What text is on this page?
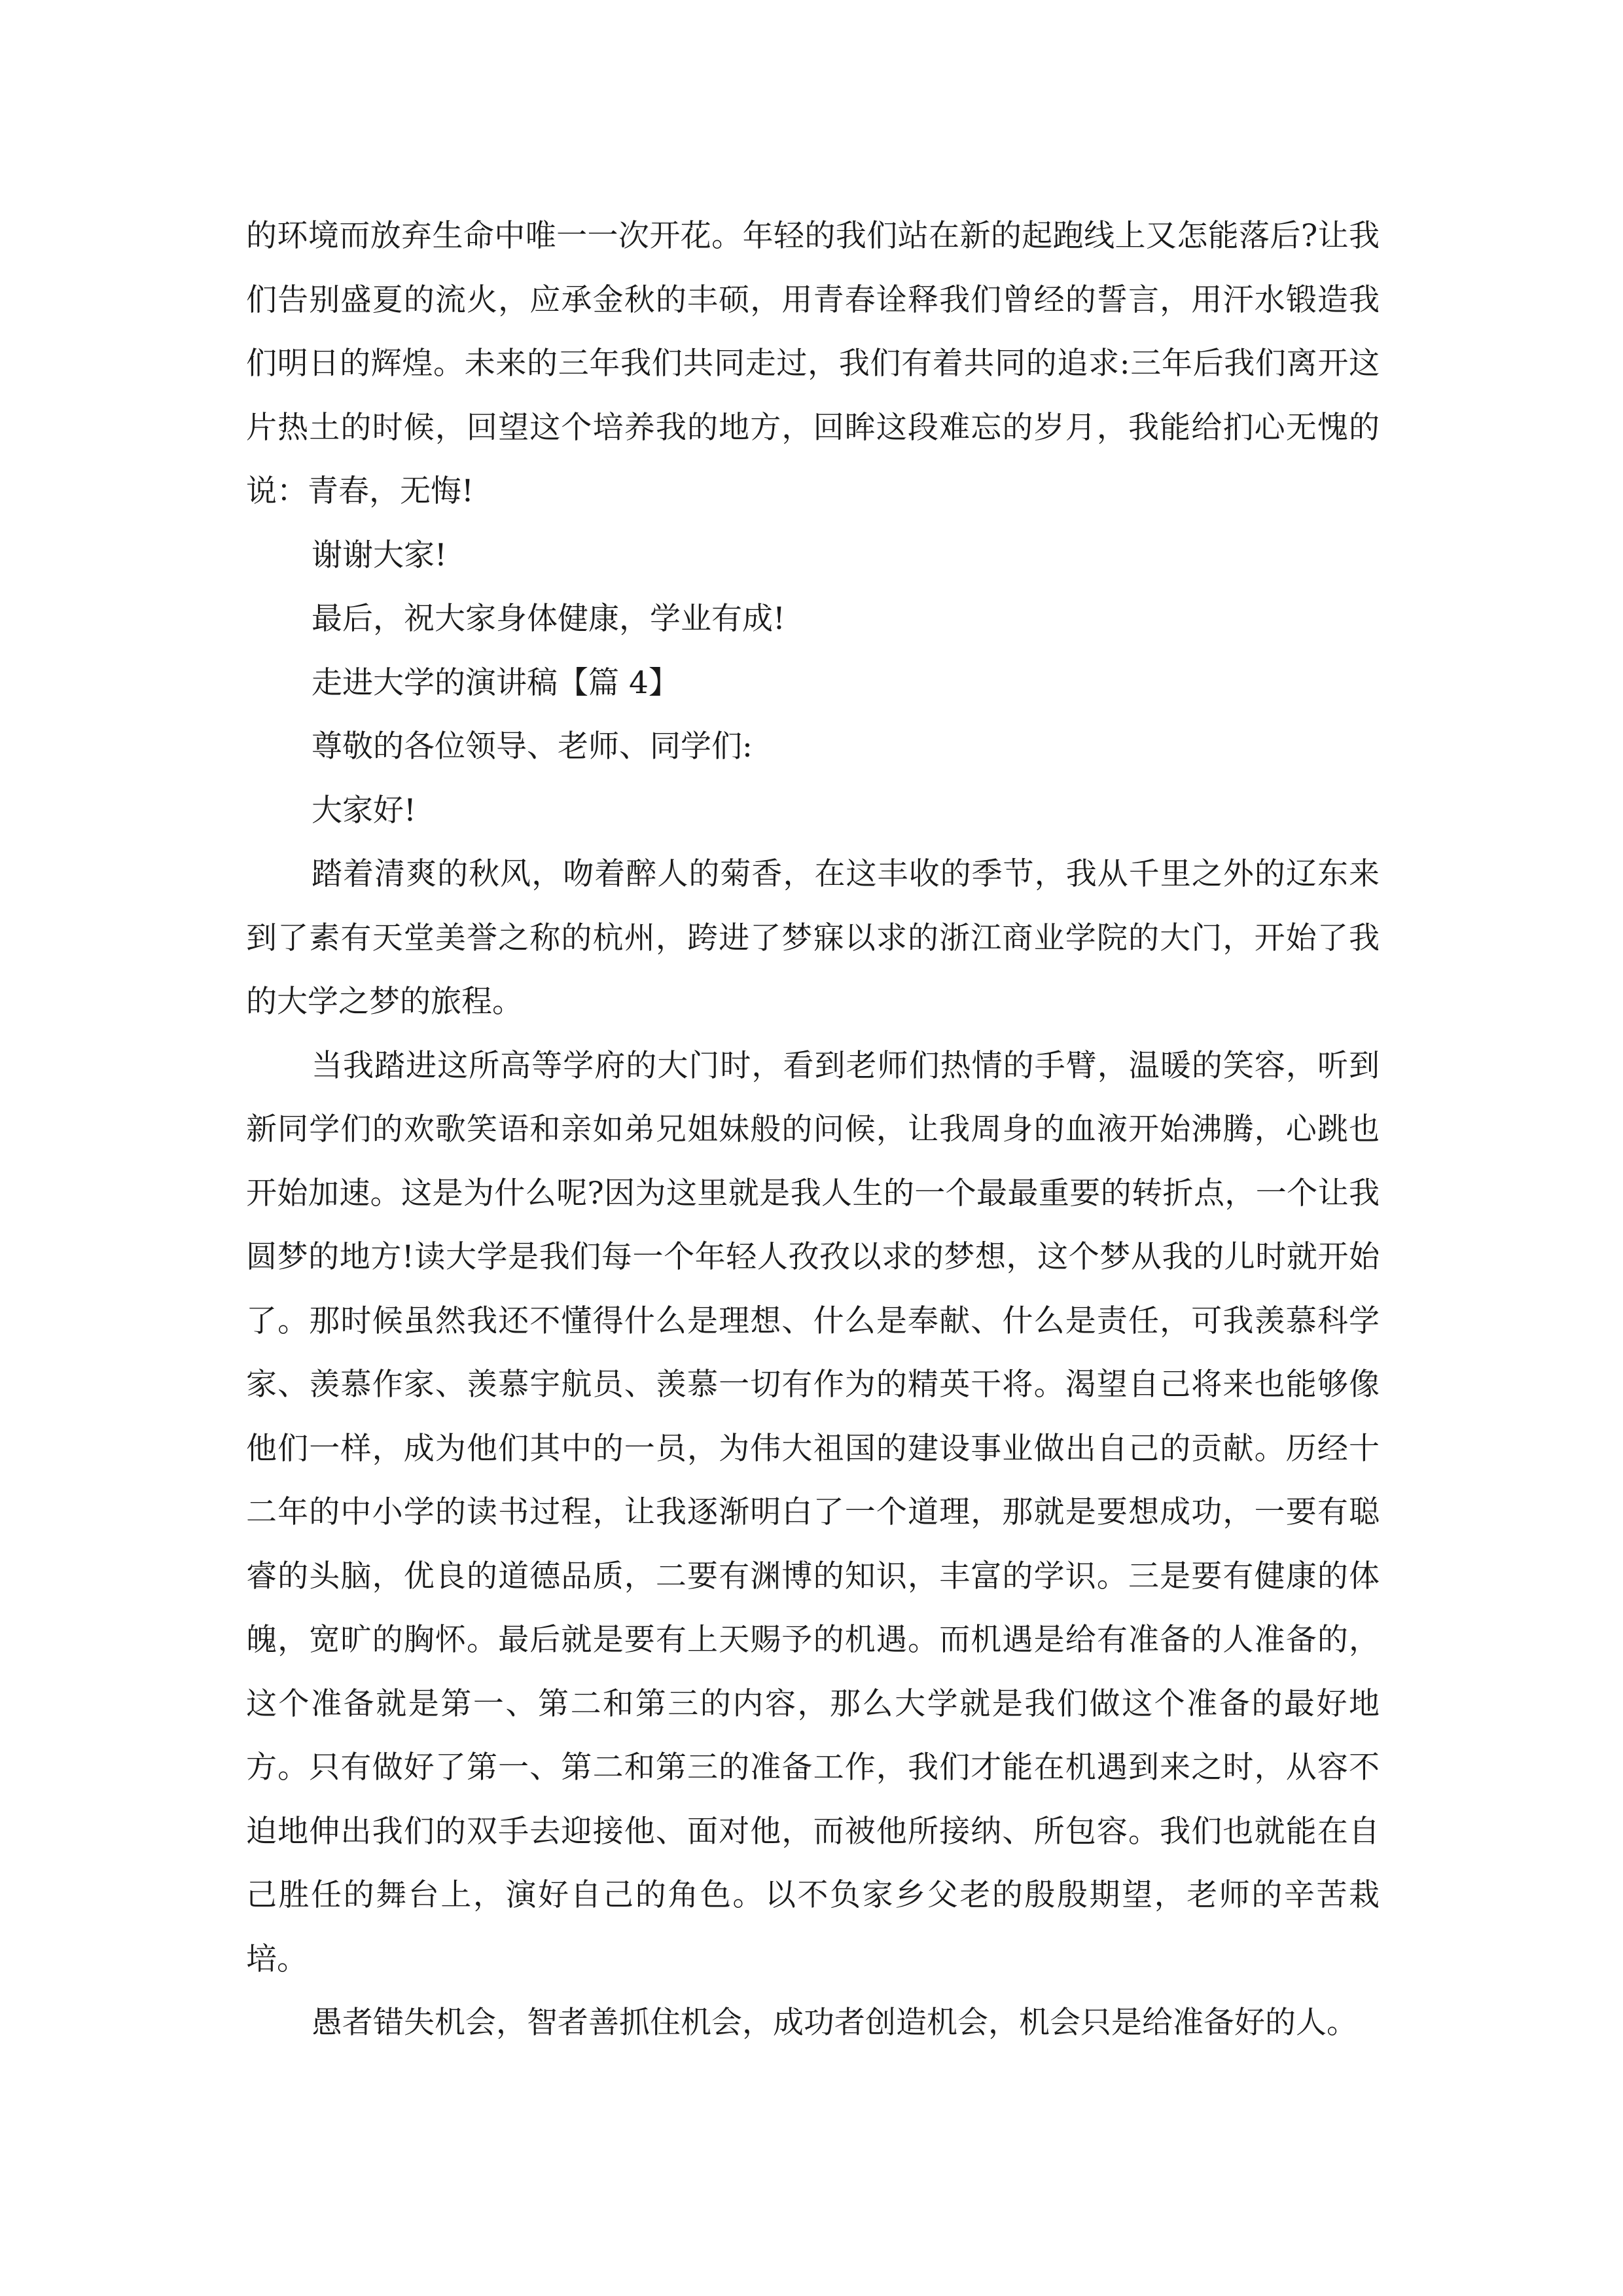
的环境而放弃生命中唯一一次开花。年轻的我们站在新的起跑线上又怎能落后?让我们告别盛夏的流火，应承金秋的丰硕，用青春诠释我们曾经的誓言，用汗水锻造我们明日的辉煌。未来的三年我们共同走过，我们有着共同的追求:三年后我们离开这片热土的时候，回望这个培养我的地方，回眸这段难忘的岁月，我能给扪心无愧的说：青春，无悔!

谢谢大家!

最后，祝大家身体健康，学业有成!

走进大学的演讲稿【篇 4】

尊敬的各位领导、老师、同学们:

大家好!

踏着清爽的秋风，吻着醉人的菊香，在这丰收的季节，我从千里之外的辽东来到了素有天堂美誉之称的杭州，跨进了梦寐以求的浙江商业学院的大门，开始了我的大学之梦的旅程。

当我踏进这所高等学府的大门时，看到老师们热情的手臂，温暖的笑容，听到新同学们的欢歌笑语和亲如弟兄姐妹般的问候，让我周身的血液开始沸腾，心跳也开始加速。这是为什么呢?因为这里就是我人生的一个最最重要的转折点，一个让我圆梦的地方!读大学是我们每一个年轻人孜孜以求的梦想，这个梦从我的儿时就开始了。那时候虽然我还不懂得什么是理想、什么是奉献、什么是责任，可我羡慕科学家、羡慕作家、羡慕宇航员、羡慕一切有作为的精英干将。渴望自己将来也能够像他们一样，成为他们其中的一员，为伟大祖国的建设事业做出自己的贡献。历经十二年的中小学的读书过程，让我逐渐明白了一个道理，那就是要想成功，一要有聪睿的头脑，优良的道德品质，二要有渊博的知识，丰富的学识。三是要有健康的体魄，宽旷的胸怀。最后就是要有上天赐予的机遇。而机遇是给有准备的人准备的，这个准备就是第一、第二和第三的内容，那么大学就是我们做这个准备的最好地方。只有做好了第一、第二和第三的准备工作，我们才能在机遇到来之时，从容不迫地伸出我们的双手去迎接他、面对他，而被他所接纳、所包容。我们也就能在自己胜任的舞台上，演好自己的角色。以不负家乡父老的殷殷期望，老师的辛苦栽培。

愚者错失机会，智者善抓住机会，成功者创造机会，机会只是给准备好的人。
